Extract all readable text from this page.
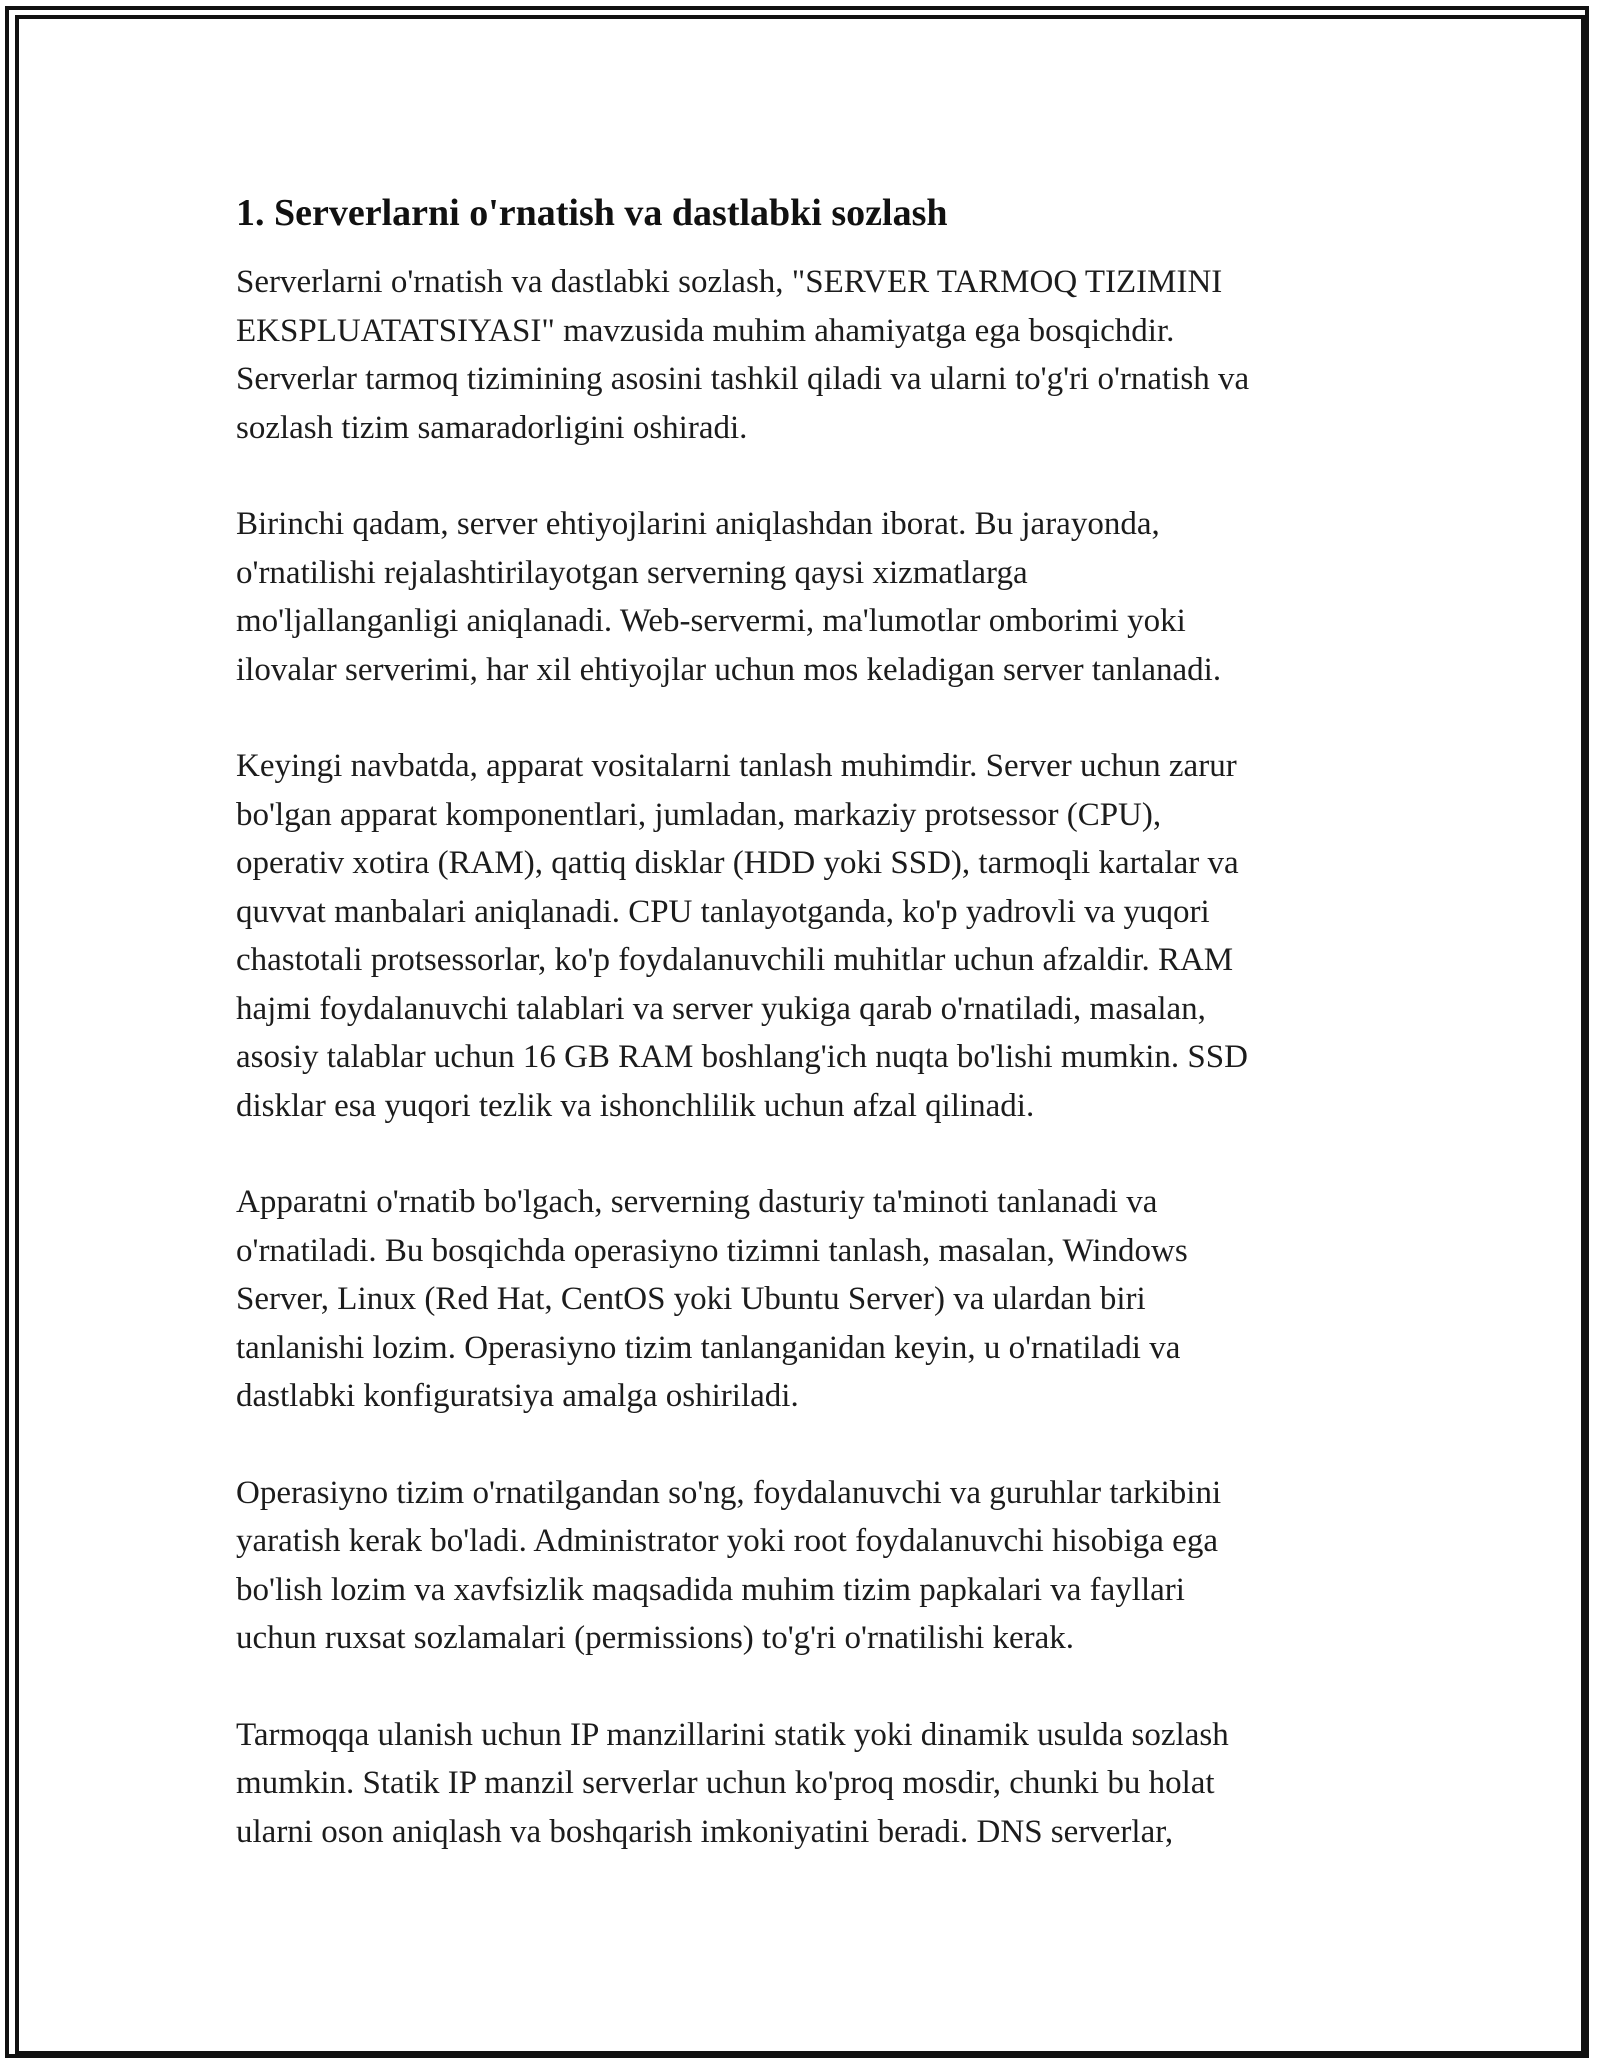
1. Serverlarni o'rnatish va dastlabki sozlash

Serverlarni o'rnatish va dastlabki sozlash, "SERVER TARMOQ TIZIMINI
EKSPLUATATSIYASI" mavzusida muhim ahamiyatga ega bosqichdir.
Serverlar tarmoq tizimining asosini tashkil qiladi va ularni to'g'ri o'rnatish va
sozlash tizim samaradorligini oshiradi.

Birinchi qadam, server ehtiyojlarini aniqlashdan iborat. Bu jarayonda,
o'rnatilishi rejalashtirilayotgan serverning qaysi xizmatlarga
mo'ljallanganligi aniqlanadi. Web-servermi, ma'lumotlar omborimi yoki
ilovalar serverimi, har xil ehtiyojlar uchun mos keladigan server tanlanadi.

Keyingi navbatda, apparat vositalarni tanlash muhimdir. Server uchun zarur
bo'lgan apparat komponentlari, jumladan, markaziy protsessor (CPU),
operativ xotira (RAM), qattiq disklar (HDD yoki SSD), tarmoqli kartalar va
quvvat manbalari aniqlanadi. CPU tanlayotganda, ko'p yadrovli va yuqori
chastotali protsessorlar, ko'p foydalanuvchili muhitlar uchun afzaldir. RAM
hajmi foydalanuvchi talablari va server yukiga qarab o'rnatiladi, masalan,
asosiy talablar uchun 16 GB RAM boshlang'ich nuqta bo'lishi mumkin. SSD
disklar esa yuqori tezlik va ishonchlilik uchun afzal qilinadi.

Apparatni o'rnatib bo'lgach, serverning dasturiy ta'minoti tanlanadi va
o'rnatiladi. Bu bosqichda operasiyno tizimni tanlash, masalan, Windows
Server, Linux (Red Hat, CentOS yoki Ubuntu Server) va ulardan biri
tanlanishi lozim. Operasiyno tizim tanlanganidan keyin, u o'rnatiladi va
dastlabki konfiguratsiya amalga oshiriladi.

Operasiyno tizim o'rnatilgandan so'ng, foydalanuvchi va guruhlar tarkibini
yaratish kerak bo'ladi. Administrator yoki root foydalanuvchi hisobiga ega
bo'lish lozim va xavfsizlik maqsadida muhim tizim papkalari va fayllari
uchun ruxsat sozlamalari (permissions) to'g'ri o'rnatilishi kerak.

Tarmoqqa ulanish uchun IP manzillarini statik yoki dinamik usulda sozlash
mumkin. Statik IP manzil serverlar uchun ko'proq mosdir, chunki bu holat
ularni oson aniqlash va boshqarish imkoniyatini beradi. DNS serverlar,
